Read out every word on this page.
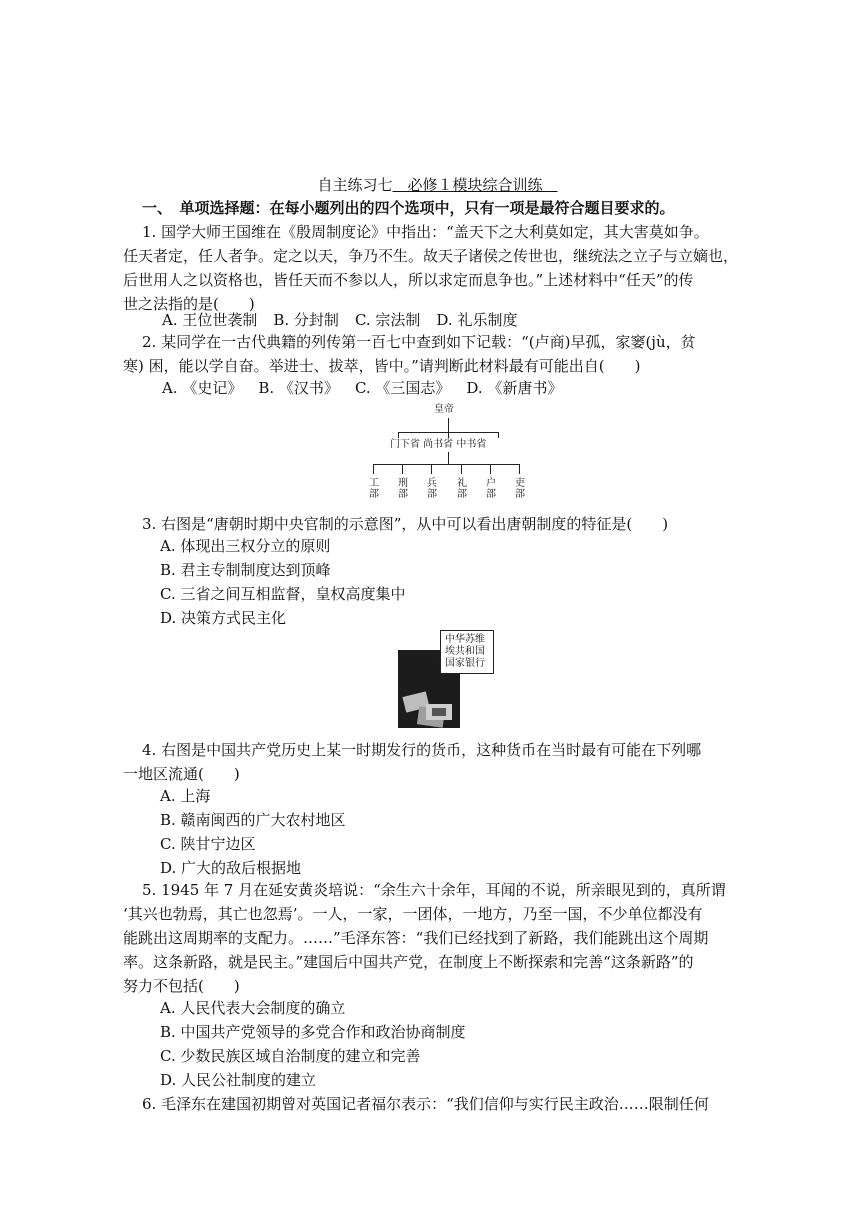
自主练习七　必修１模块综合训练　
一、　单项选择题：在每小题列出的四个选项中，只有一项是最符合题目要求的。
1. 国学大师王国维在《殷周制度论》中指出：“盖天下之大利莫如定，其大害莫如争。
任天者定，任人者争。定之以天，争乃不生。故天子诸侯之传世也，继统法之立子与立嫡也，
后世用人之以资格也，皆任天而不参以人，所以求定而息争也。”上述材料中“任天”的传
世之法指的是(　　)
A. 王位世袭制 B. 分封制 C. 宗法制 D. 礼乐制度
2. 某同学在一古代典籍的列传第一百七中查到如下记载：“(卢商)早孤，家窭(jù，贫
寒) 困，能以学自奋。举进士、拔萃，皆中。”请判断此材料最有可能出自(　　)
A. 《史记》 B. 《汉书》 C. 《三国志》 D. 《新唐书》
皇帝
门下省 尚书省 中书省
工部
刑部
兵部
礼部
户部
吏部
3. 右图是“唐朝时期中央官制的示意图”，从中可以看出唐朝制度的特征是(　　)
A. 体现出三权分立的原则
B. 君主专制制度达到顶峰
C. 三省之间互相监督，皇权高度集中
D. 决策方式民主化
中华苏维埃共和国国家银行
4. 右图是中国共产党历史上某一时期发行的货币，这种货币在当时最有可能在下列哪
一地区流通(　　)
A. 上海
B. 赣南闽西的广大农村地区
C. 陕甘宁边区
D. 广大的敌后根据地
5. 1945 年 7 月在延安黄炎培说：“余生六十余年，耳闻的不说，所亲眼见到的，真所谓
‘其兴也勃焉，其亡也忽焉’。一人，一家，一团体，一地方，乃至一国，不少单位都没有
能跳出这周期率的支配力。……”毛泽东答：“我们已经找到了新路，我们能跳出这个周期
率。这条新路，就是民主。”建国后中国共产党，在制度上不断探索和完善“这条新路”的
努力不包括(　　)
A. 人民代表大会制度的确立
B. 中国共产党领导的多党合作和政治协商制度
C. 少数民族区域自治制度的建立和完善
D. 人民公社制度的建立
6. 毛泽东在建国初期曾对英国记者福尔表示：“我们信仰与实行民主政治……限制任何
